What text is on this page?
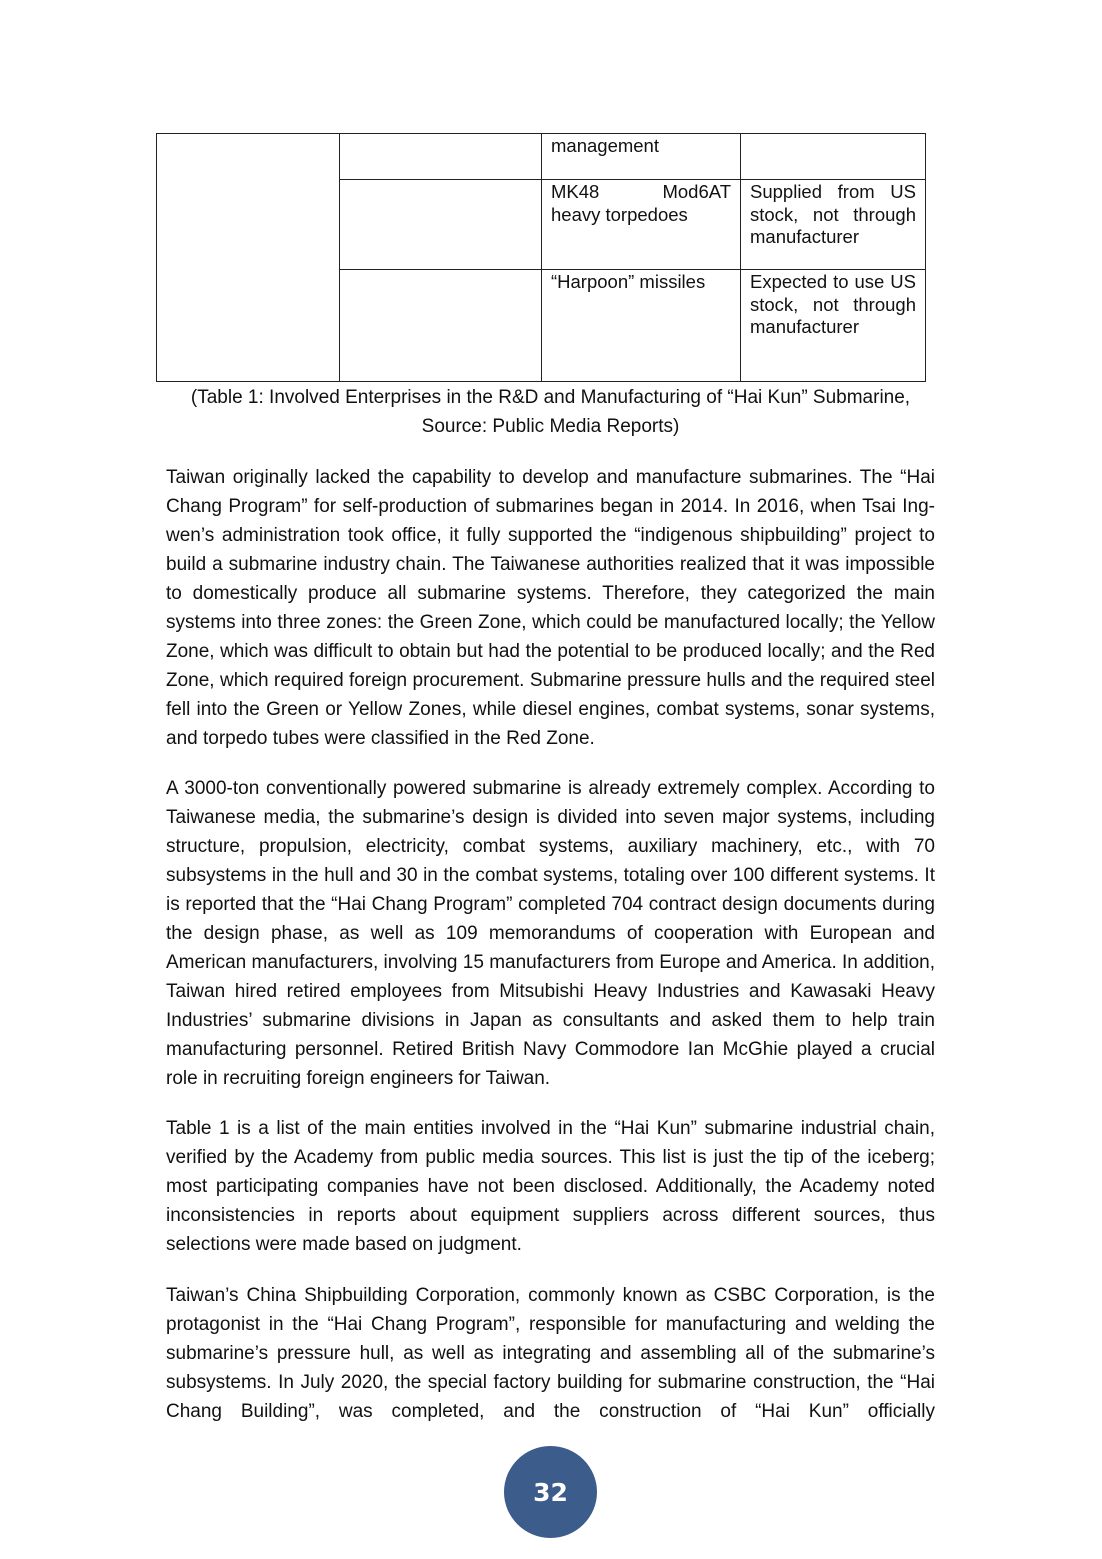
		management	

		MK48 Mod6AT
heavy torpedoes	Supplied from US stock, not through manufacturer

		“Harpoon” missiles	Expected to use US stock, not through
manufacturer
(Table 1: Involved Enterprises in the R&D and Manufacturing of “Hai Kun” Submarine,
Source: Public Media Reports)

Taiwan originally lacked the capability to develop and manufacture submarines. The “Hai Chang Program” for self-production of submarines began in 2014. In 2016, when Tsai Ing-wen’s administration took office, it fully supported the “indigenous shipbuilding” project to build a submarine industry chain. The Taiwanese authorities realized that it was impossible to domestically produce all submarine systems. Therefore, they categorized the main systems into three zones: the Green Zone, which could be manufactured locally; the Yellow Zone, which was difficult to obtain but had the potential to be produced locally; and the Red Zone, which required foreign procurement. Submarine pressure hulls and the required steel fell into the Green or Yellow Zones, while diesel engines, combat systems, sonar systems, and torpedo tubes were classified in the Red Zone.

A 3000-ton conventionally powered submarine is already extremely complex. According to Taiwanese media, the submarine’s design is divided into seven major systems, including structure, propulsion, electricity, combat systems, auxiliary machinery, etc., with 70 subsystems in the hull and 30 in the combat systems, totaling over 100 different systems. It is reported that the “Hai Chang Program” completed 704 contract design documents during the design phase, as well as 109 memorandums of cooperation with European and American manufacturers, involving 15 manufacturers from Europe and America. In addition, Taiwan hired retired employees from Mitsubishi Heavy Industries and Kawasaki Heavy Industries’ submarine divisions in Japan as consultants and asked them to help train manufacturing personnel. Retired British Navy Commodore Ian McGhie played a crucial role in recruiting foreign engineers for Taiwan.

Table 1 is a list of the main entities involved in the “Hai Kun” submarine industrial chain, verified by the Academy from public media sources. This list is just the tip of the iceberg; most participating companies have not been disclosed. Additionally, the Academy noted inconsistencies in reports about equipment suppliers across different sources, thus selections were made based on judgment.

Taiwan’s China Shipbuilding Corporation, commonly known as CSBC Corporation, is the protagonist in the “Hai Chang Program”, responsible for manufacturing and welding the submarine’s pressure hull, as well as integrating and assembling all of the submarine’s subsystems. In July 2020, the special factory building for submarine construction, the “Hai Chang Building”, was completed, and the construction of “Hai Kun” officially

32
